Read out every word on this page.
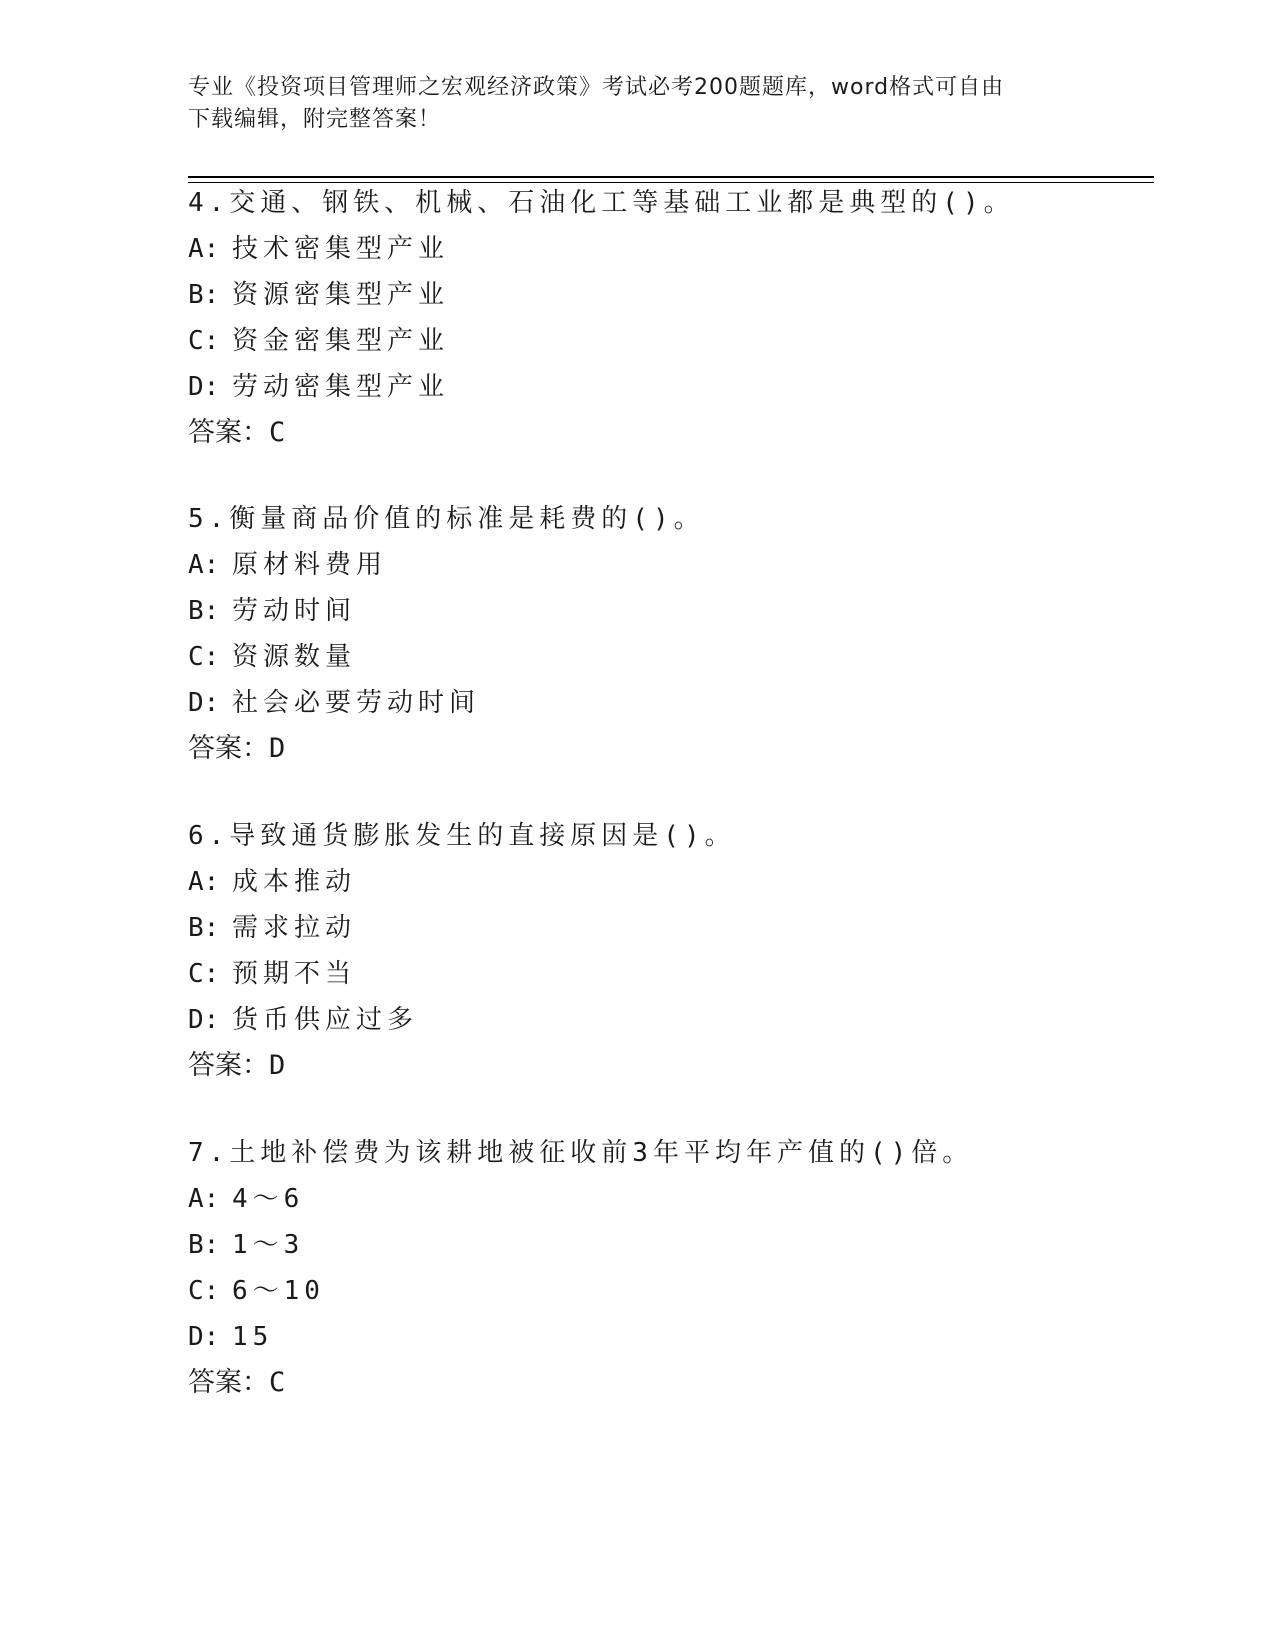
专业《投资项目管理师之宏观经济政策》考试必考200题题库，word格式可自由
下载编辑，附完整答案！
4.交通、钢铁、机械、石油化工等基础工业都是典型的()。
A: 技术密集型产业
B: 资源密集型产业
C: 资金密集型产业
D: 劳动密集型产业
答案：C
5.衡量商品价值的标准是耗费的()。
A: 原材料费用
B: 劳动时间
C: 资源数量
D: 社会必要劳动时间
答案：D
6.导致通货膨胀发生的直接原因是()。
A: 成本推动
B: 需求拉动
C: 预期不当
D: 货币供应过多
答案：D
7.土地补偿费为该耕地被征收前3年平均年产值的()倍。
A: 4～6
B: 1～3
C: 6～10
D: 15
答案：C
